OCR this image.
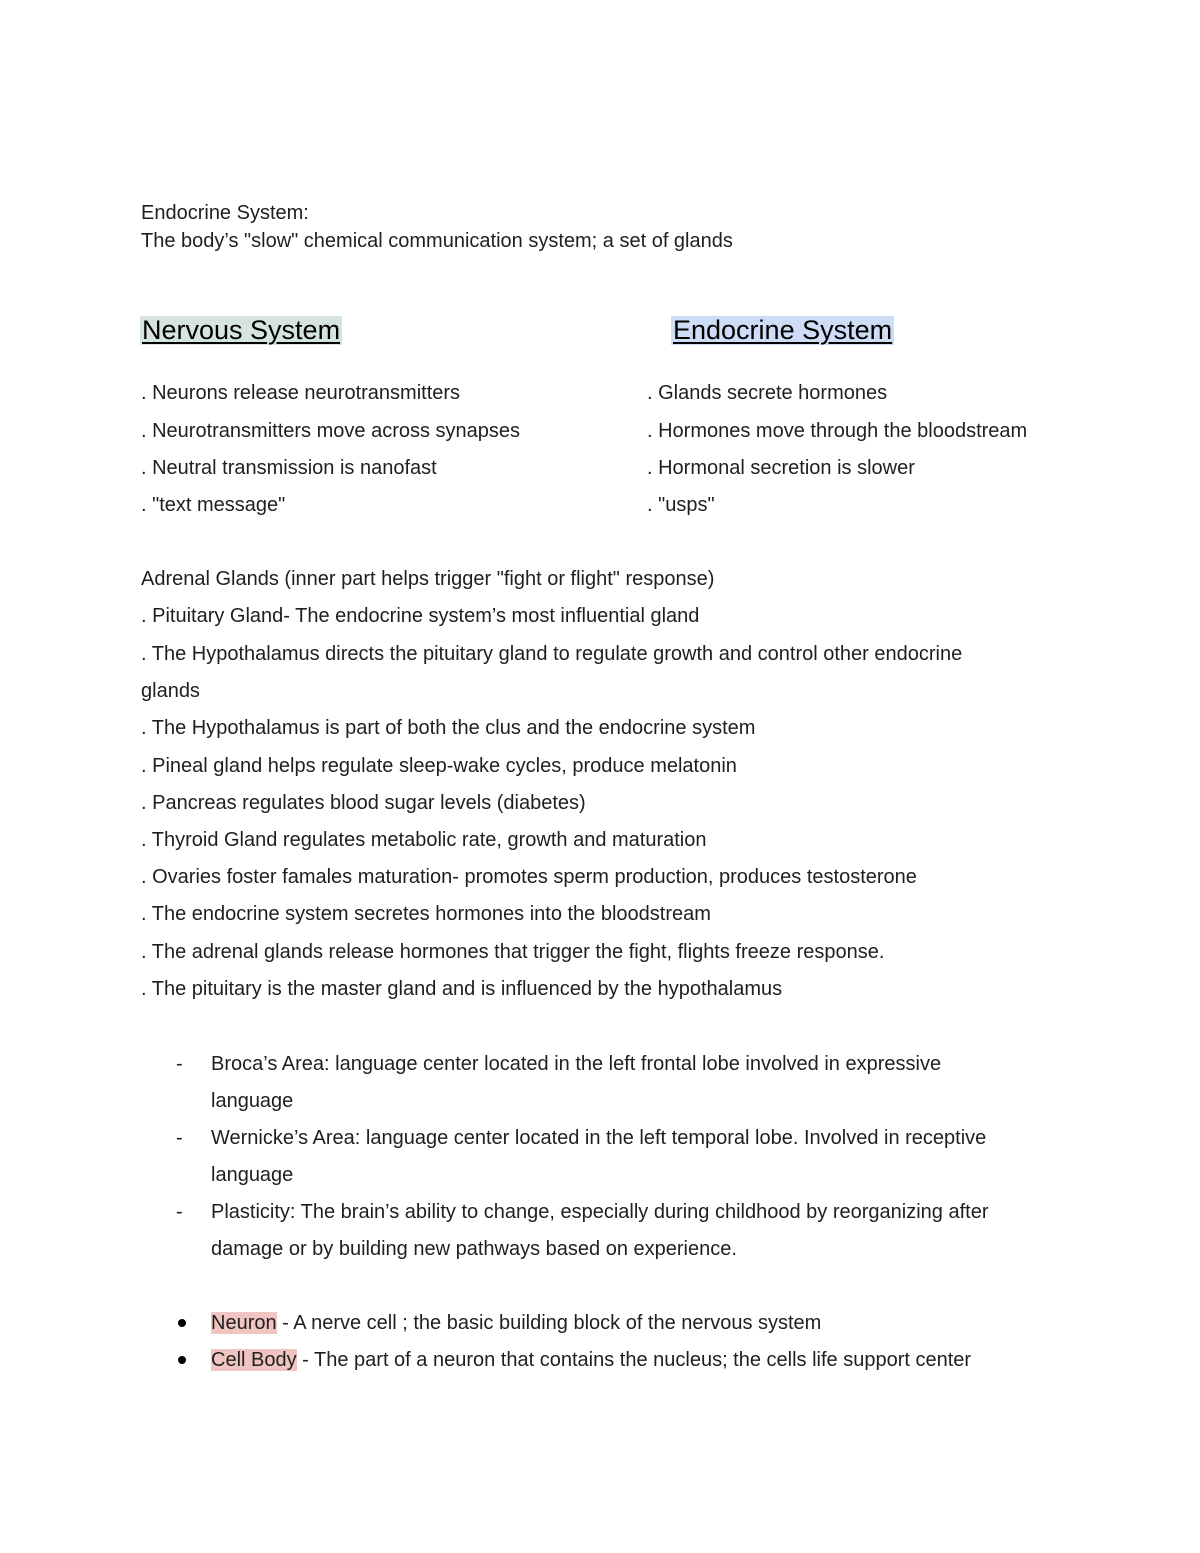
Endocrine System:
The body’s "slow" chemical communication system; a set of glands
Nervous System	Endocrine System
. Neurons release neurotransmitters
. Neurotransmitters move across synapses
. Neutral transmission is nanofast
. "text message"
. Glands secrete hormones
. Hormones move through the bloodstream
. Hormonal secretion is slower
. "usps"
Adrenal Glands (inner part helps trigger "fight or flight" response)
. Pituitary Gland- The endocrine system’s most influential gland
. The Hypothalamus directs the pituitary gland to regulate growth and control other endocrine
glands
. The Hypothalamus is part of both the clus and the endocrine system
. Pineal gland helps regulate sleep-wake cycles, produce melatonin
. Pancreas regulates blood sugar levels (diabetes)
. Thyroid Gland regulates metabolic rate, growth and maturation
. Ovaries foster famales maturation- promotes sperm production, produces testosterone
. The endocrine system secretes hormones into the bloodstream
. The adrenal glands release hormones that trigger the fight, flights freeze response.
. The pituitary is the master gland and is influenced by the hypothalamus
- Broca’s Area: language center located in the left frontal lobe involved in expressive
language
- Wernicke’s Area: language center located in the left temporal lobe. Involved in receptive
language
- Plasticity: The brain’s ability to change, especially during childhood by reorganizing after
damage or by building new pathways based on experience.
Neuron - A nerve cell ; the basic building block of the nervous system
Cell Body - The part of a neuron that contains the nucleus; the cells life support center
